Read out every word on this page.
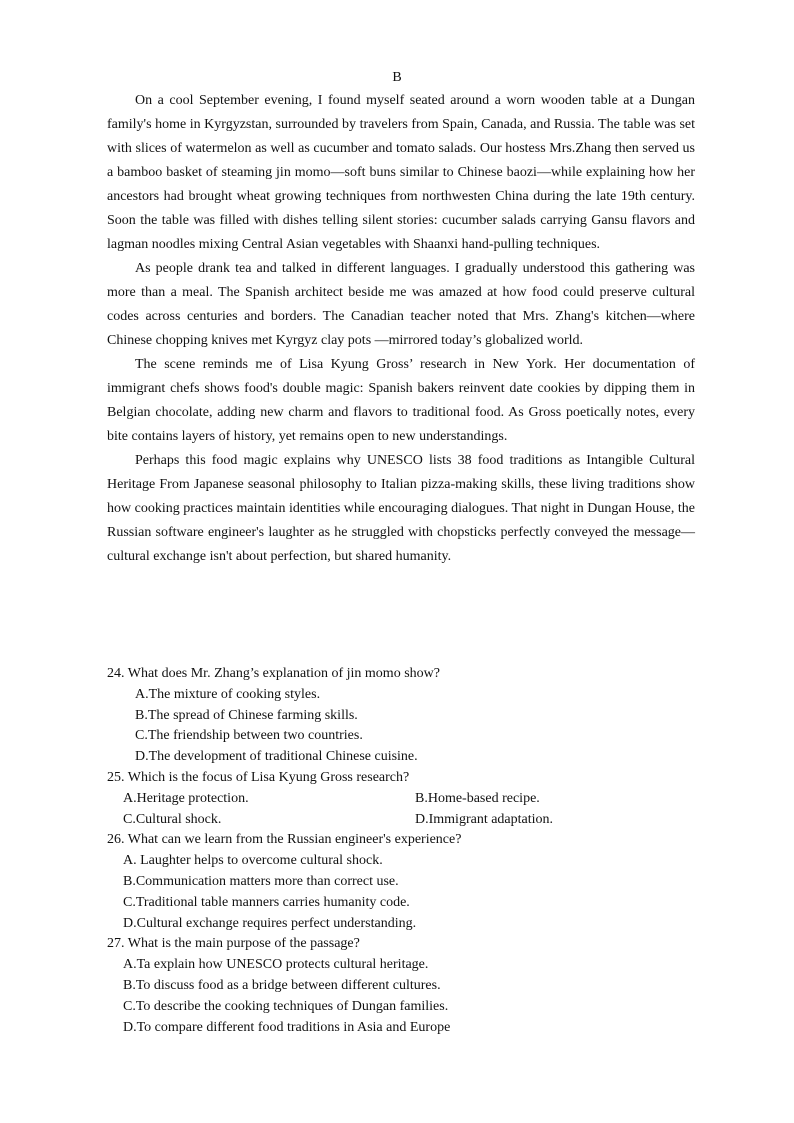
B

On a cool September evening, I found myself seated around a worn wooden table at a Dungan family's home in Kyrgyzstan, surrounded by travelers from Spain, Canada, and Russia. The table was set with slices of watermelon as well as cucumber and tomato salads. Our hostess Mrs.Zhang then served us a bamboo basket of steaming jin momo—soft buns similar to Chinese baozi—while explaining how her ancestors had brought wheat growing techniques from northwesten China during the late 19th century. Soon the table was filled with dishes telling silent stories: cucumber salads carrying Gansu flavors and lagman noodles mixing Central Asian vegetables with Shaanxi hand-pulling techniques.

As people drank tea and talked in different languages. I gradually understood this gathering was more than a meal. The Spanish architect beside me was amazed at how food could preserve cultural codes across centuries and borders. The Canadian teacher noted that Mrs. Zhang's kitchen—where Chinese chopping knives met Kyrgyz clay pots —mirrored today’s globalized world.

The scene reminds me of Lisa Kyung Gross’ research in New York. Her documentation of immigrant chefs shows food's double magic: Spanish bakers reinvent date cookies by dipping them in Belgian chocolate, adding new charm and flavors to traditional food. As Gross poetically notes, every bite contains layers of history, yet remains open to new understandings.

Perhaps this food magic explains why UNESCO lists 38 food traditions as Intangible Cultural Heritage From Japanese seasonal philosophy to Italian pizza-making skills, these living traditions show how cooking practices maintain identities while encouraging dialogues. That night in Dungan House, the Russian software engineer's laughter as he struggled with chopsticks perfectly conveyed the message—cultural exchange isn't about perfection, but shared humanity.

24. What does Mr. Zhang’s explanation of jin momo show?

A.The mixture of cooking styles.
B.The spread of Chinese farming skills.
C.The friendship between two countries.
D.The development of traditional Chinese cuisine.

25. Which is the focus of Lisa Kyung Gross research?

A.Heritage protection.	B.Home-based recipe.
C.Cultural shock.	D.Immigrant adaptation.

26. What can we learn from the Russian engineer's experience?

A. Laughter helps to overcome cultural shock.
B.Communication matters more than correct use.
C.Traditional table manners carries humanity code.
D.Cultural exchange requires perfect understanding.

27. What is the main purpose of the passage?

A.Ta explain how UNESCO protects cultural heritage.
B.To discuss food as a bridge between different cultures.
C.To describe the cooking techniques of Dungan families.
D.To compare different food traditions in Asia and Europe
